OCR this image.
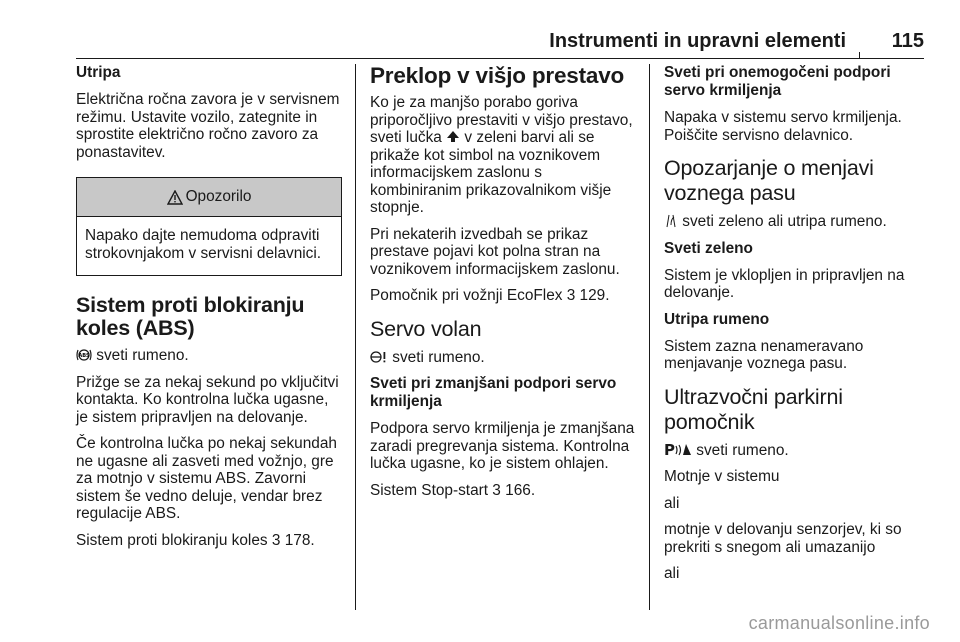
Instrumenti in upravni elementi 115
Utripa

Električna ročna zavora je v servisnem režimu. Ustavite vozilo, zategnite in sprostite električno ročno zavoro za ponastavitev.

Opozorilo

Napako dajte nemudoma odpraviti strokovnjakom v servisni delavnici.

Sistem proti blokiranju koles (ABS)

ABS sveti rumeno.

Prižge se za nekaj sekund po vključitvi kontakta. Ko kontrolna lučka ugasne, je sistem pripravljen na delovanje.

Če kontrolna lučka po nekaj sekundah ne ugasne ali zasveti med vožnjo, gre za motnjo v sistemu ABS. Zavorni sistem še vedno deluje, vendar brez regulacije ABS.

Sistem proti blokiranju koles 3 178.

Preklop v višjo prestavo

Ko je za manjšo porabo goriva priporočljivo prestaviti v višjo prestavo, sveti lučka v zeleni barvi ali se prikaže kot simbol na voznikovem informacijskem zaslonu s kombiniranim prikazovalnikom višje stopnje.

Pri nekaterih izvedbah se prikaz prestave pojavi kot polna stran na voznikovem informacijskem zaslonu.

Pomočnik pri vožnji EcoFlex 3 129.

Servo volan

sveti rumeno.

Sveti pri zmanjšani podpori servo krmiljenja

Podpora servo krmiljenja je zmanjšana zaradi pregrevanja sistema. Kontrolna lučka ugasne, ko je sistem ohlajen.

Sistem Stop-start 3 166.

Sveti pri onemogočeni podpori servo krmiljenja

Napaka v sistemu servo krmiljenja. Poiščite servisno delavnico.

Opozarjanje o menjavi voznega pasu

sveti zeleno ali utripa rumeno.

Sveti zeleno

Sistem je vklopljen in pripravljen na delovanje.

Utripa rumeno

Sistem zazna nenameravano menjavanje voznega pasu.

Ultrazvočni parkirni pomočnik

P sveti rumeno.

Motnje v sistemu

ali

motnje v delovanju senzorjev, ki so prekriti s snegom ali umazanijo

ali

carmanualsonline.info
